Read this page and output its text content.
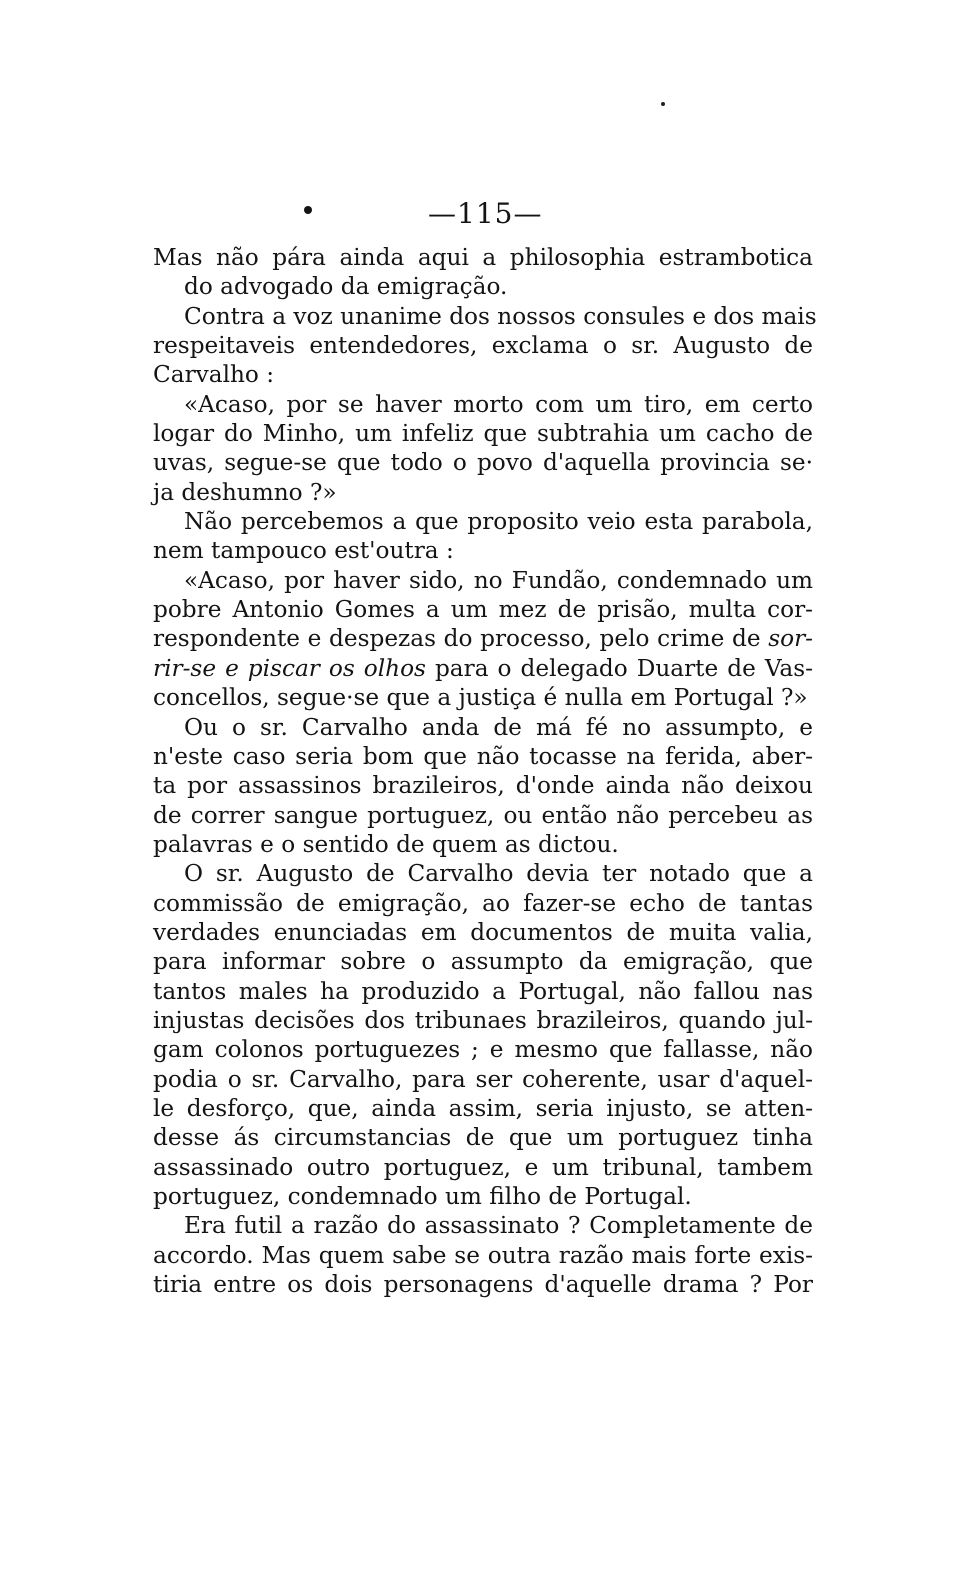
—115—
Mas não pára ainda aqui a philosophia estrambotica
do advogado da emigração.
Contra a voz unanime dos nossos consules e dos mais
respeitaveis entendedores, exclama o sr. Augusto de
Carvalho :
«Acaso, por se haver morto com um tiro, em certo
logar do Minho, um infeliz que subtrahia um cacho de
uvas, segue-se que todo o povo d'aquella provincia se·
ja deshumno ?»
Não percebemos a que proposito veio esta parabola,
nem tampouco est'outra :
«Acaso, por haver sido, no Fundão, condemnado um
pobre Antonio Gomes a um mez de prisão, multa cor-
respondente e despezas do processo, pelo crime de sor-
rir-se e piscar os olhos para o delegado Duarte de Vas-
concellos, segue·se que a justiça é nulla em Portugal ?»
Ou o sr. Carvalho anda de má fé no assumpto, e
n'este caso seria bom que não tocasse na ferida, aber-
ta por assassinos brazileiros, d'onde ainda não deixou
de correr sangue portuguez, ou então não percebeu as
palavras e o sentido de quem as dictou.
O sr. Augusto de Carvalho devia ter notado que a
commissão de emigração, ao fazer-se echo de tantas
verdades enunciadas em documentos de muita valia,
para informar sobre o assumpto da emigração, que
tantos males ha produzido a Portugal, não fallou nas
injustas decisões dos tribunaes brazileiros, quando jul-
gam colonos portuguezes ; e mesmo que fallasse, não
podia o sr. Carvalho, para ser coherente, usar d'aquel-
le desforço, que, ainda assim, seria injusto, se atten-
desse ás circumstancias de que um portuguez tinha
assassinado outro portuguez, e um tribunal, tambem
portuguez, condemnado um filho de Portugal.
Era futil a razão do assassinato ? Completamente de
accordo. Mas quem sabe se outra razão mais forte exis-
tiria entre os dois personagens d'aquelle drama ? Por
